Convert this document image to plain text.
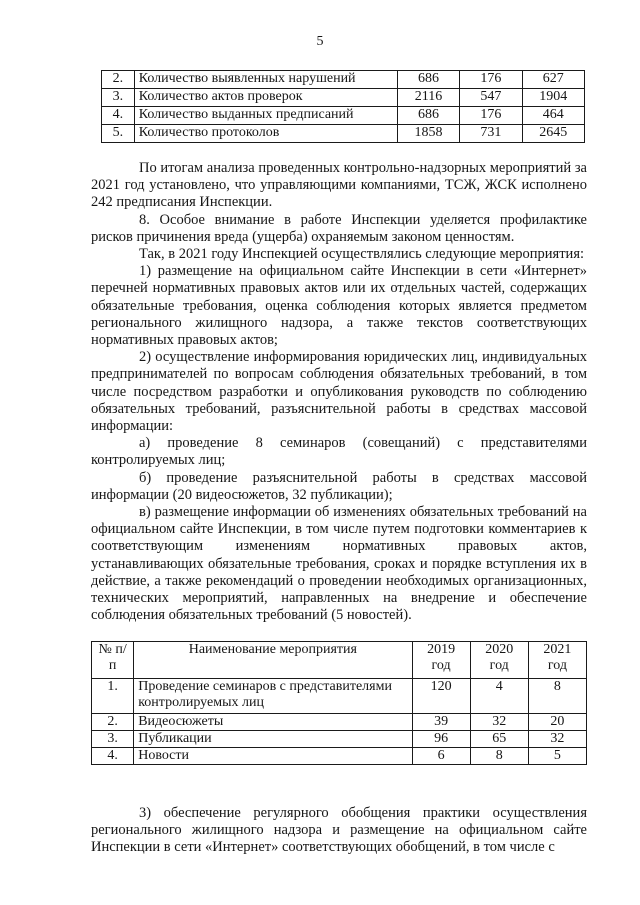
5
2.	Количество выявленных нарушений	686	176	627
3.	Количество актов проверок	2116	547	1904
4.	Количество выданных предписаний	686	176	464
5.	Количество протоколов	1858	731	2645

По итогам анализа проведенных контрольно-надзорных мероприятий за 2021 год установлено, что управляющими компаниями, ТСЖ, ЖСК исполнено 242 предписания Инспекции.

8. Особое внимание в работе Инспекции уделяется профилактике рисков причинения вреда (ущерба) охраняемым законом ценностям.

Так, в 2021 году Инспекцией осуществлялись следующие мероприятия:

1) размещение на официальном сайте Инспекции в сети «Интернет» перечней нормативных правовых актов или их отдельных частей, содержащих обязательные требования, оценка соблюдения которых является предметом регионального жилищного надзора, а также текстов соответствующих нормативных правовых актов;

2) осуществление информирования юридических лиц, индивидуальных предпринимателей по вопросам соблюдения обязательных требований, в том числе посредством разработки и опубликования руководств по соблюдению обязательных требований, разъяснительной работы в средствах массовой информации:

а) проведение 8 семинаров (совещаний) с представителями контролируемых лиц;

б) проведение разъяснительной работы в средствах массовой информации (20 видеосюжетов, 32 публикации);

в) размещение информации об изменениях обязательных требований на официальном сайте Инспекции, в том числе путем подготовки комментариев к соответствующим изменениям нормативных правовых актов, устанавливающих обязательные требования, сроках и порядке вступления их в действие, а также рекомендаций о проведении необходимых организационных, технических мероприятий, направленных на внедрение и обеспечение соблюдения обязательных требований (5 новостей).

№ п/п	Наименование мероприятия	2019 год	2020 год	2021 год
1.	Проведение семинаров с представителями контролируемых лиц	120	4	8
2.	Видеосюжеты	39	32	20
3.	Публикации	96	65	32
4.	Новости	6	8	5

3) обеспечение регулярного обобщения практики осуществления регионального жилищного надзора и размещение на официальном сайте Инспекции в сети «Интернет» соответствующих обобщений, в том числе с
